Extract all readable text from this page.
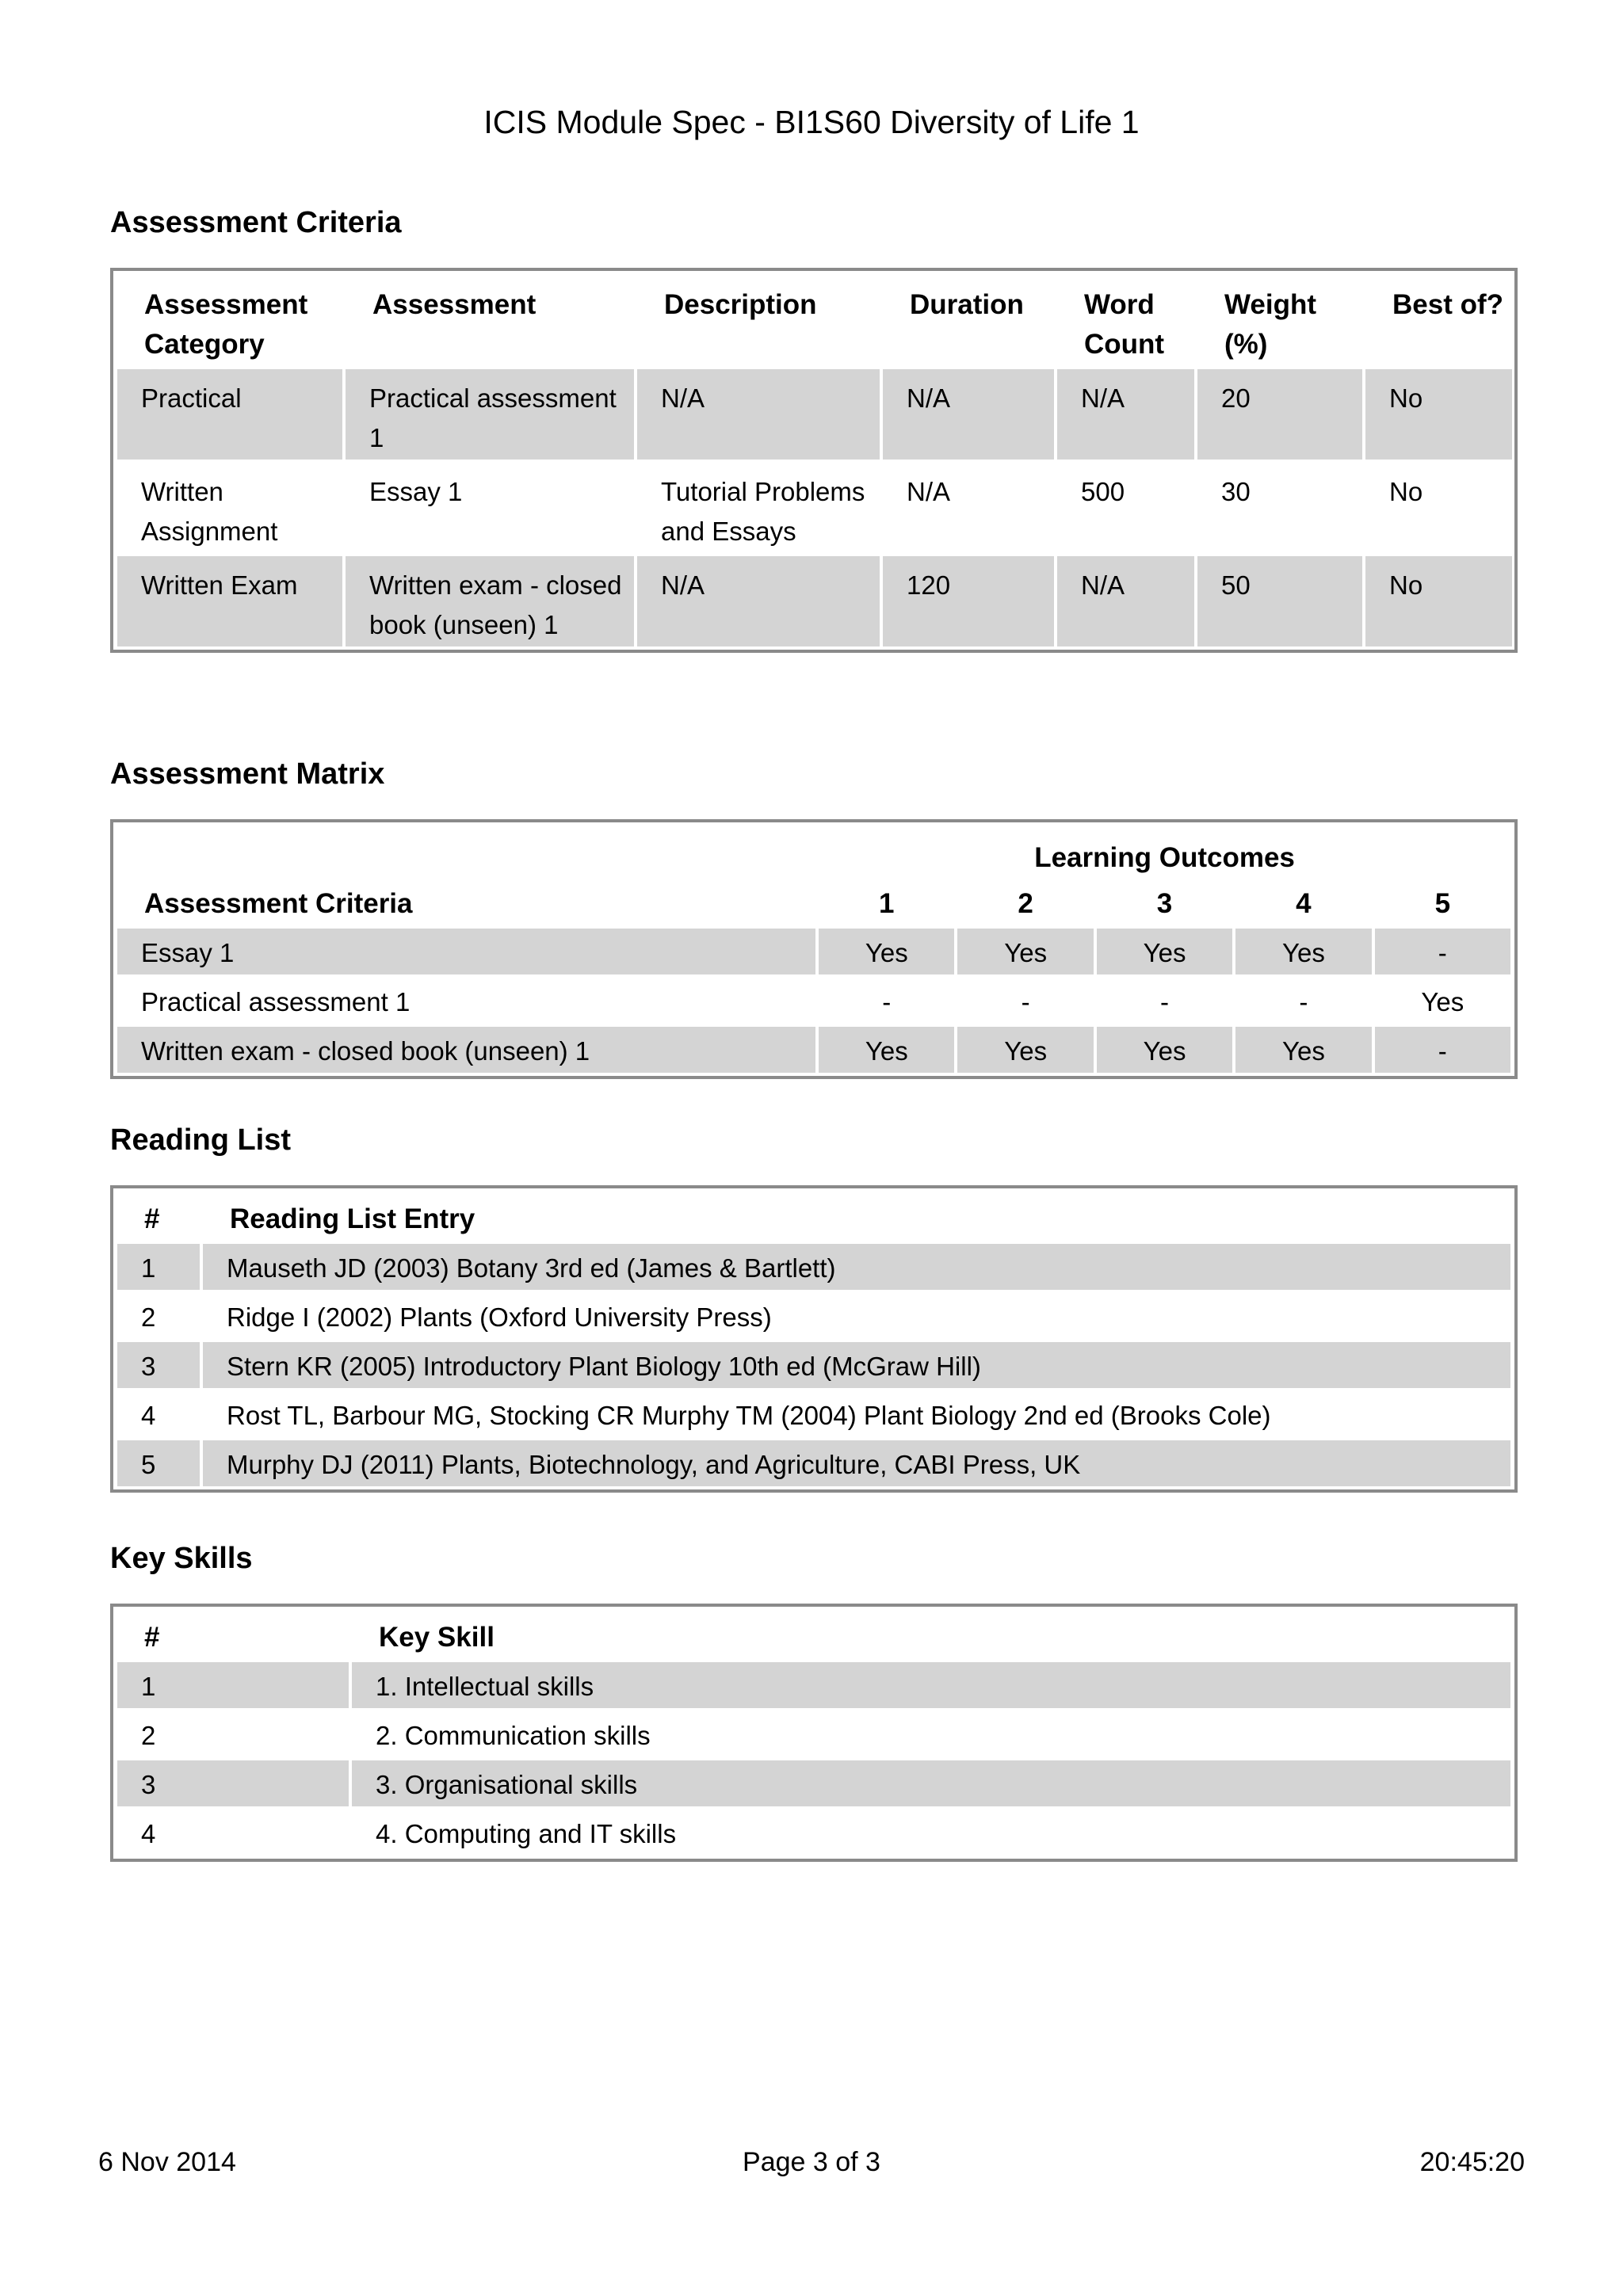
ICIS Module Spec - BI1S60 Diversity of Life 1
Assessment Criteria
Assessment Category	Assessment	Description	Duration	Word Count	Weight (%)	Best of?
Practical	Practical assessment 1	N/A	N/A	N/A	20	No
Written Assignment	Essay 1	Tutorial Problems and Essays	N/A	500	30	No
Written Exam	Written exam - closed book (unseen) 1	N/A	120	N/A	50	No
Assessment Matrix
	Learning Outcomes				
Assessment Criteria	1	2	3	4	5
Essay 1	Yes	Yes	Yes	Yes	-
Practical assessment 1	-	-	-	-	Yes
Written exam - closed book (unseen) 1	Yes	Yes	Yes	Yes	-
Reading List
#	Reading List Entry
1	Mauseth JD (2003) Botany 3rd ed (James & Bartlett)
2	Ridge I (2002) Plants (Oxford University Press)
3	Stern KR (2005) Introductory Plant Biology 10th ed (McGraw Hill)
4	Rost TL, Barbour MG, Stocking CR Murphy TM (2004) Plant Biology 2nd ed (Brooks Cole)
5	Murphy DJ (2011) Plants, Biotechnology, and Agriculture, CABI Press, UK
Key Skills
#	Key Skill
1	1. Intellectual skills
2	2. Communication skills
3	3. Organisational skills
4	4. Computing and IT skills
6 Nov 2014	Page 3 of 3	20:45:20
